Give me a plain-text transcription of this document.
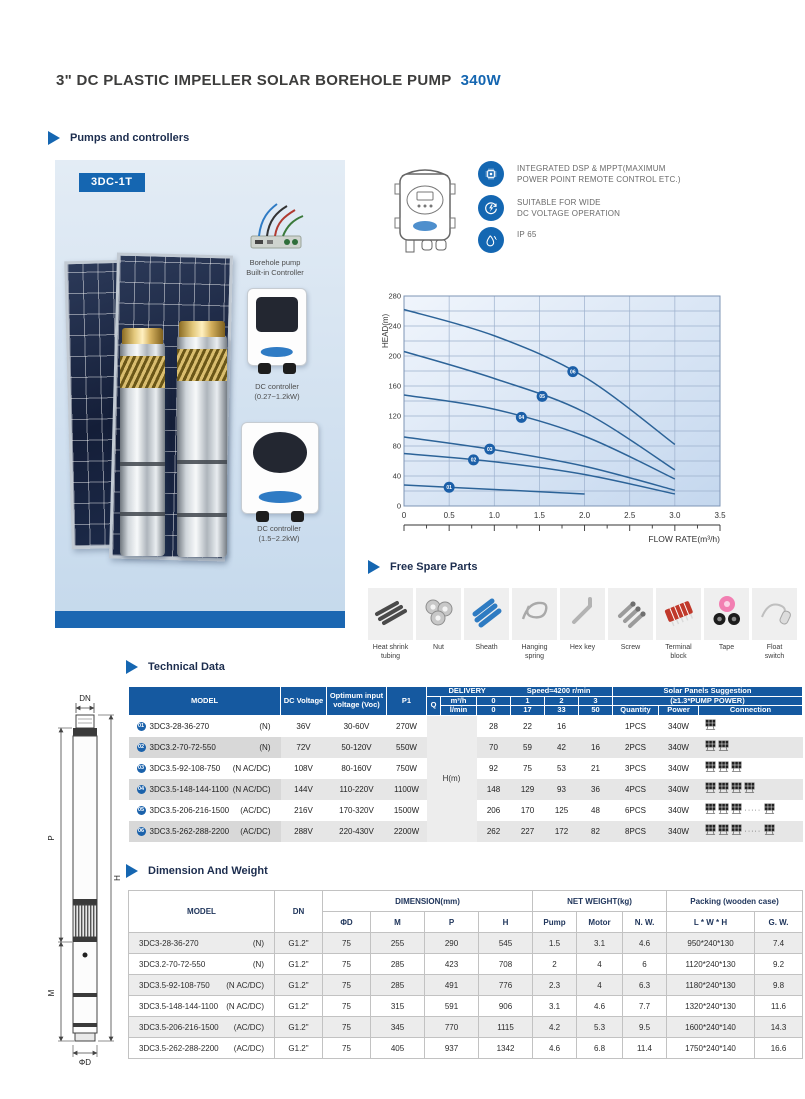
3" DC PLASTIC IMPELLER SOLAR BOREHOLE PUMP 340W
Pumps and controllers
3DC-1T
Borehole pump
Built-in Controller
DC controller
(0.27~1.2kW)
DC controller
(1.5~2.2kW)
INTEGRATED DSP & MPPT(MAXIMUM
POWER POINT REMOTE CONTROL ETC.)
SUITABLE FOR WIDE
DC VOLTAGE OPERATION
IP 65
0
40
80
120
160
200
240
280
HEAD(m)
01
02
03
04
05
06
0	0.5	1.0	1.5	2.0	2.5	3.0	3.5
FLOW RATE(m³/h)
Free Spare Parts
Heat shrink
tubing
Nut	Sheath	Hanging
spring
Hex key	Screw	Terminal
block
Tape	Float
switch
Technical Data
MODEL	DC Voltage	Optimum input voltage (Voc)	P1	DELIVERY Speed≈4200 r/min						Solar Panels Suggestion		
				Q	m³/h	0	1	2	3	(≥1.3*PUMP POWER)		
					l/min	0	17	33	50	Quantity	Power	Connection

01 3DC3-28-36-270 (N)	36V	30-60V	270W	H(m)		28	22	16		1PCS	340W	

02 3DC3.2-70-72-550 (N)	72V	50-120V	550W			70	59	42	16	2PCS	340W	

03 3DC3.5-92-108-750 (N AC/DC)	108V	80-160V	750W			92	75	53	21	3PCS	340W	

04 3DC3.5-148-144-1100 (N AC/DC)	144V	110-220V	1100W			148	129	93	36	4PCS	340W	

05 3DC3.5-206-216-1500 (AC/DC)	216V	170-320V	1500W			206	170	125	48	6PCS	340W	·····

06 3DC3.5-262-288-2200 (AC/DC)	288V	220-430V	2200W			262	227	172	82	8PCS	340W	·····
DN
P
M
H
ΦD
Dimension And Weight
MODEL	DN	DIMENSION(mm)				NET WEIGHT(kg)			Packing (wooden case)	
		ΦD	M	P	H	Pump	Motor	N. W.	L * W * H	G. W.

3DC3-28-36-270 (N)	G1.2"	75	255	290	545	1.5	3.1	4.6	950*240*130	7.4

3DC3.2-70-72-550 (N)	G1.2"	75	285	423	708	2	4	6	1120*240*130	9.2

3DC3.5-92-108-750 (N AC/DC)	G1.2"	75	285	491	776	2.3	4	6.3	1180*240*130	9.8

3DC3.5-148-144-1100 (N AC/DC)	G1.2"	75	315	591	906	3.1	4.6	7.7	1320*240*130	11.6

3DC3.5-206-216-1500 (AC/DC)	G1.2"	75	345	770	1115	4.2	5.3	9.5	1600*240*140	14.3

3DC3.5-262-288-2200 (AC/DC)	G1.2"	75	405	937	1342	4.6	6.8	11.4	1750*240*140	16.6
